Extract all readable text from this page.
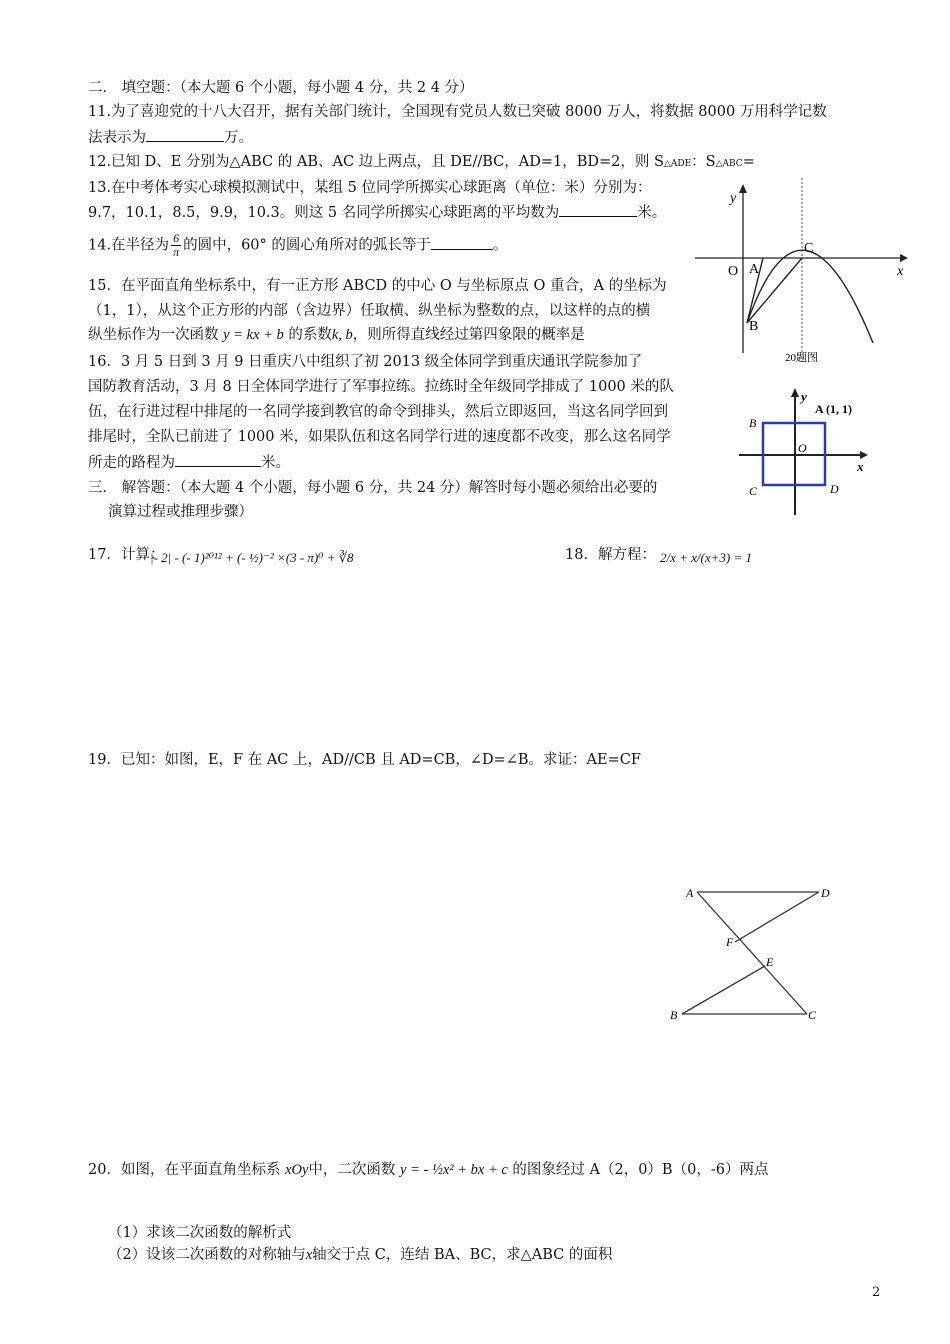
二． 填空题：（本大题 6 个小题，每小题 4 分，共 2 4 分）
11.为了喜迎党的十八大召开，据有关部门统计，全国现有党员人数已突破 8000 万人，将数据 8000 万用科学记数
法表示为	万。
12.已知 D、E 分别为△ABC 的 AB、AC 边上两点，且 DE//BC，AD=1，BD=2，则 S△ADE：S△ABC=
13.在中考体考实心球模拟测试中，某组 5 位同学所掷实心球距离（单位：米）分别为：
9.7，10.1，8.5，9.9，10.3。则这 5 名同学所掷实心球距离的平均数为	米。
14.在半径为 $\frac{6}{\pi}$ 的圆中，60° 的圆心角所对的弧长等于	。
15．在平面直角坐标系中，有一正方形 ABCD 的中心 O 与坐标原点 O 重合，A 的坐标为
（1，1），从这个正方形的内部（含边界）任取横、纵坐标为整数的点，以这样的点的横
纵坐标作为一次函数 y = kx + b 的系数k, b，则所得直线经过第四象限的概率是
16．3 月 5 日到 3 月 9 日重庆八中组织了初 2013 级全体同学到重庆通讯学院参加了
国防教育活动，3 月 8 日全体同学进行了军事拉练。拉练时全年级同学排成了 1000 米的队
伍，在行进过程中排尾的一名同学接到教官的命令到排头，然后立即返回，当这名同学回到
排尾时，全队已前进了 1000 米，如果队伍和这名同学行进的速度都不改变，那么这名同学
所走的路程为	米。
三． 解答题：（本大题 4 个小题，每小题 6 分，共 24 分）解答时每小题必须给出必要的
演算过程或推理步骤）
17．计算：
|- 2| - (- 1)²⁰¹² + (- ½)⁻² ×(3 - π)⁰ + ∛8	18．解方程： 2/x + x/(x+3) = 1
19．已知：如图，E，F 在 AC 上，AD//CB 且 AD=CB，∠D=∠B。求证：AE=CF
20．如图，在平面直角坐标系 xOy中，二次函数 y = - ½x² + bx + c 的图象经过 A（2，0）B（0，-6）两点
（1）求该二次函数的解析式
（2）设该二次函数的对称轴与x轴交于点 C，连结 BA、BC，求△ABC 的面积
2
y
x
O A
B
C
20题图
y
x
O
A (1, 1)
B
C	D
A	D
F
E
B	C
